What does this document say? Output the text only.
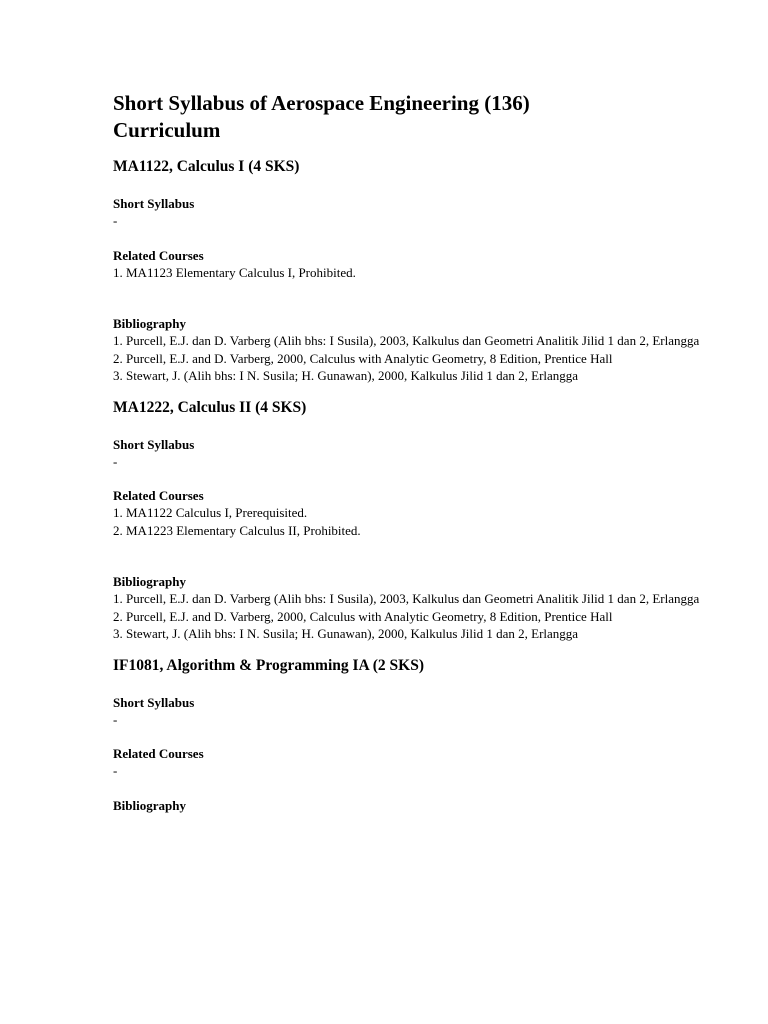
Short Syllabus of Aerospace Engineering (136) Curriculum
MA1122, Calculus I (4 SKS)

Short Syllabus

-

Related Courses

1. MA1123 Elementary Calculus I, Prohibited.

Bibliography

1. Purcell, E.J. dan D. Varberg (Alih bhs: I Susila), 2003, Kalkulus dan Geometri Analitik Jilid 1 dan 2, Erlangga
2. Purcell, E.J. and D. Varberg, 2000, Calculus with Analytic Geometry, 8 Edition, Prentice Hall
3. Stewart, J. (Alih bhs: I N. Susila; H. Gunawan), 2000, Kalkulus Jilid 1 dan 2, Erlangga
MA1222, Calculus II (4 SKS)

Short Syllabus

-

Related Courses

1. MA1122 Calculus I, Prerequisited.
2. MA1223 Elementary Calculus II, Prohibited.

Bibliography

1. Purcell, E.J. dan D. Varberg (Alih bhs: I Susila), 2003, Kalkulus dan Geometri Analitik Jilid 1 dan 2, Erlangga
2. Purcell, E.J. and D. Varberg, 2000, Calculus with Analytic Geometry, 8 Edition, Prentice Hall
3. Stewart, J. (Alih bhs: I N. Susila; H. Gunawan), 2000, Kalkulus Jilid 1 dan 2, Erlangga
IF1081, Algorithm & Programming IA (2 SKS)

Short Syllabus

-

Related Courses

-

Bibliography
